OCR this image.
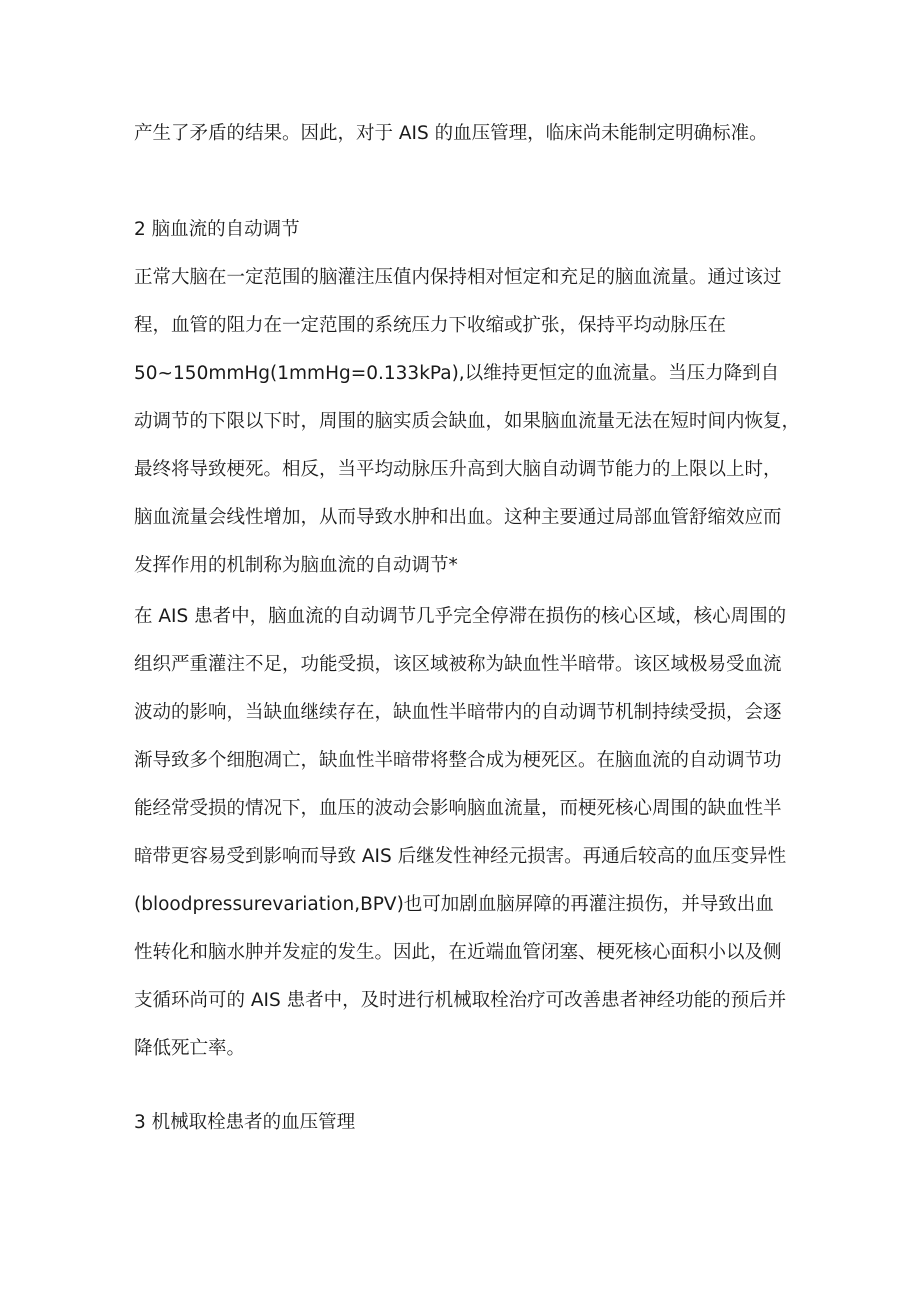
产生了矛盾的结果。因此，对于 AIS 的血压管理，临床尚未能制定明确标准。
2 脑血流的自动调节
正常大脑在一定范围的脑灌注压值内保持相对恒定和充足的脑血流量。通过该过
程，血管的阻力在一定范围的系统压力下收缩或扩张，保持平均动脉压在
50~150mmHg(1mmHg=0.133kPa),以维持更恒定的血流量。当压力降到自
动调节的下限以下时，周围的脑实质会缺血，如果脑血流量无法在短时间内恢复，
最终将导致梗死。相反，当平均动脉压升高到大脑自动调节能力的上限以上时，
脑血流量会线性增加，从而导致水肿和出血。这种主要通过局部血管舒缩效应而
发挥作用的机制称为脑血流的自动调节*
在 AIS 患者中，脑血流的自动调节几乎完全停滞在损伤的核心区域，核心周围的
组织严重灌注不足，功能受损，该区域被称为缺血性半暗带。该区域极易受血流
波动的影响，当缺血继续存在，缺血性半暗带内的自动调节机制持续受损，会逐
渐导致多个细胞凋亡，缺血性半暗带将整合成为梗死区。在脑血流的自动调节功
能经常受损的情况下，血压的波动会影响脑血流量，而梗死核心周围的缺血性半
暗带更容易受到影响而导致 AIS 后继发性神经元损害。再通后较高的血压变异性
(bloodpressurevariation,BPV)也可加剧血脑屏障的再灌注损伤，并导致出血
性转化和脑水肿并发症的发生。因此，在近端血管闭塞、梗死核心面积小以及侧
支循环尚可的 AIS 患者中，及时进行机械取栓治疗可改善患者神经功能的预后并
降低死亡率。
3 机械取栓患者的血压管理
